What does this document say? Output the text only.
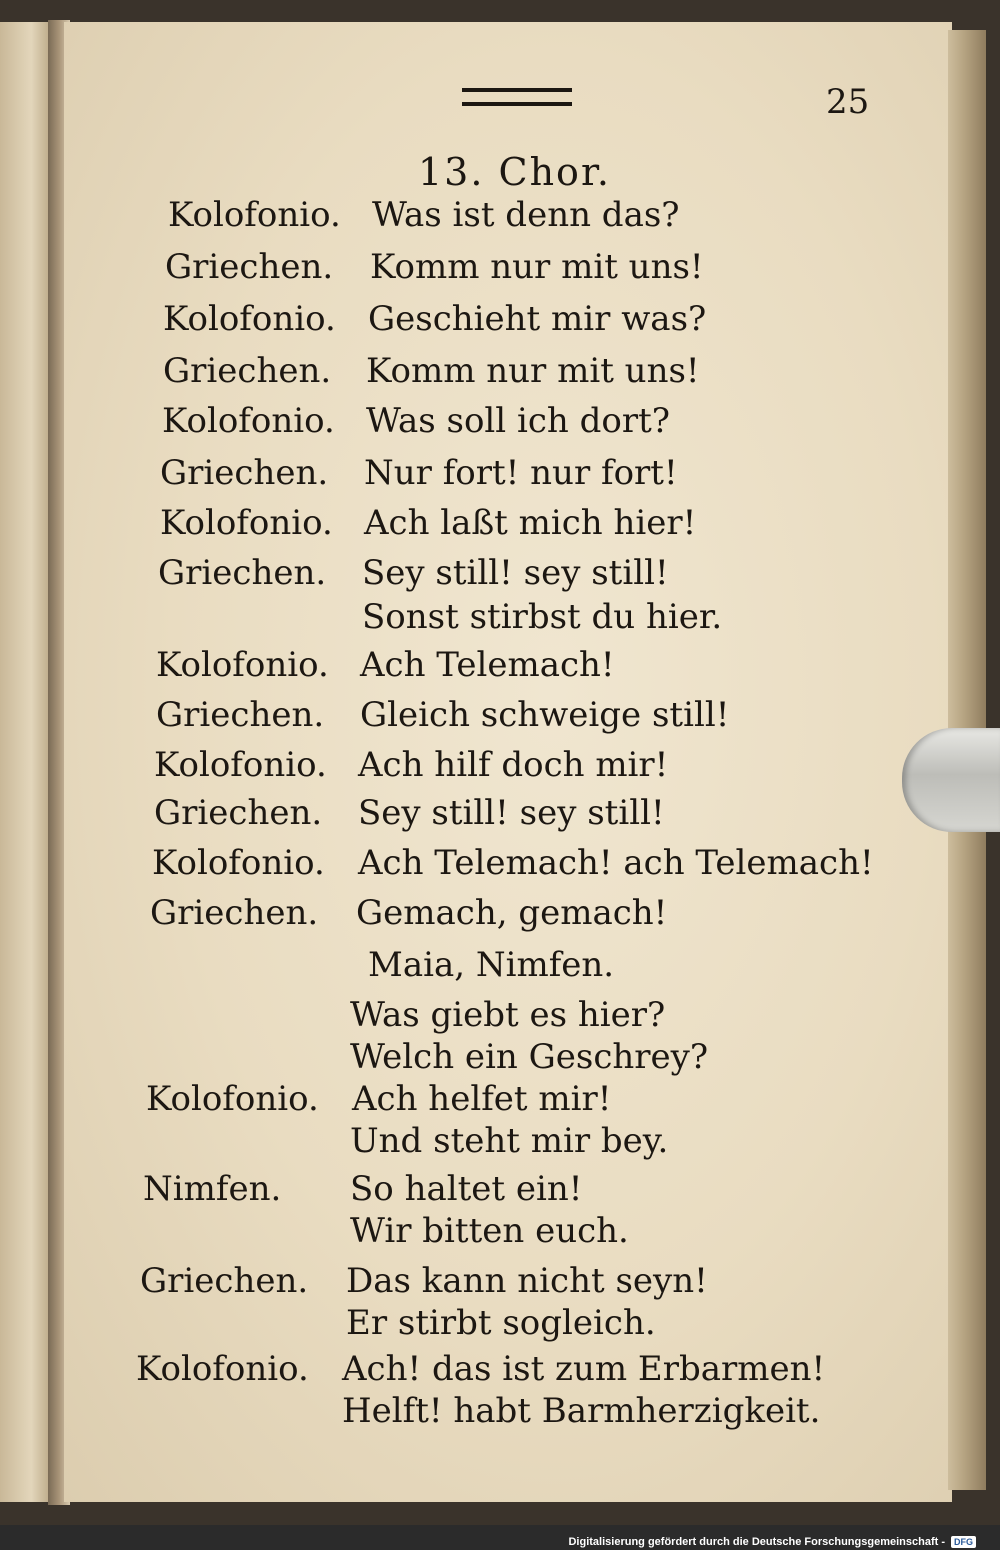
25
13. Chor.
Kolofonio. Was ist denn das?
Griechen. Komm nur mit uns!
Kolofonio. Geschieht mir was?
Griechen. Komm nur mit uns!
Kolofonio. Was soll ich dort?
Griechen. Nur fort! nur fort!
Kolofonio. Ach laßt mich hier!
Griechen. Sey still! sey still!
Sonst stirbst du hier.
Kolofonio. Ach Telemach!
Griechen. Gleich schweige still!
Kolofonio. Ach hilf doch mir!
Griechen. Sey still! sey still!
Kolofonio. Ach Telemach! ach Telemach!
Griechen. Gemach, gemach!
Maia, Nimfen.
Was giebt es hier?
Welch ein Geschrey?
Kolofonio. Ach helfet mir!
Und steht mir bey.
Nimfen. So haltet ein!
Wir bitten euch.
Griechen. Das kann nicht seyn!
Er stirbt sogleich.
Kolofonio. Ach! das ist zum Erbarmen!
Helft! habt Barmherzigkeit.
Digitalisierung gefördert durch die Deutsche Forschungsgemeinschaft -	DFG
